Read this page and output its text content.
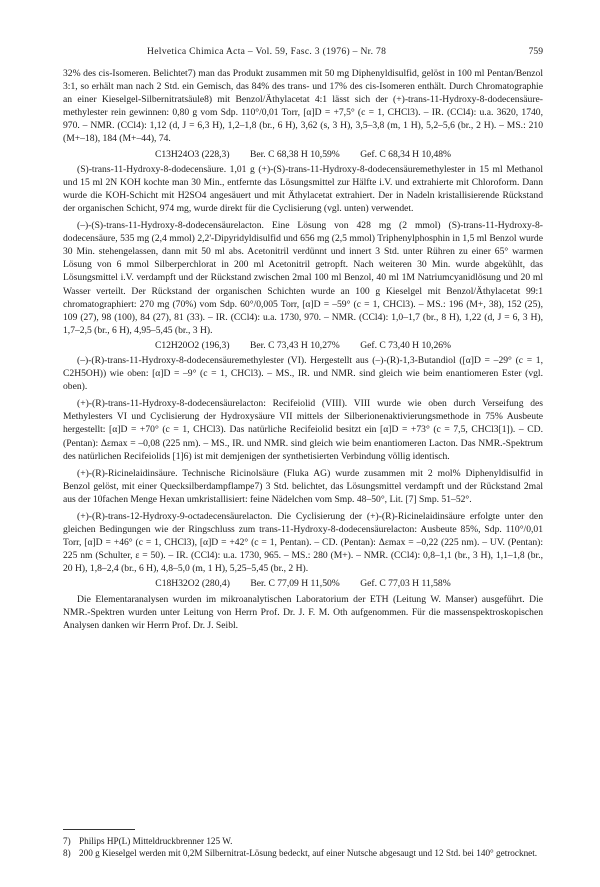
Helvetica Chimica Acta – Vol. 59, Fasc. 3 (1976) – Nr. 78	759

32% des cis-Isomeren. Belichtet7) man das Produkt zusammen mit 50 mg Diphenyldisulfid, gelöst in 100 ml Pentan/Benzol 3:1, so erhält man nach 2 Std. ein Gemisch, das 84% des trans- und 17% des cis-Isomeren enthält. Durch Chromatographie an einer Kieselgel-Silbernitratsäule8) mit Benzol/Äthylacetat 4:1 lässt sich der (+)-trans-11-Hydroxy-8-dodecensäure-methylester rein gewinnen: 0,80 g vom Sdp. 110°/0,01 Torr, [α]D = +7,5° (c = 1, CHCl3). – IR. (CCl4): u.a. 3620, 1740, 970. – NMR. (CCl4): 1,12 (d, J = 6,3 H), 1,2–1,8 (br., 6 H), 3,62 (s, 3 H), 3,5–3,8 (m, 1 H), 5,2–5,6 (br., 2 H). – MS.: 210 (M+–18), 184 (M+–44), 74.

C13H24O3 (228,3) Ber. C 68,38 H 10,59% Gef. C 68,34 H 10,48%

(S)-trans-11-Hydroxy-8-dodecensäure. 1,01 g (+)-(S)-trans-11-Hydroxy-8-dodecensäuremethylester in 15 ml Methanol und 15 ml 2N KOH kochte man 30 Min., entfernte das Lösungsmittel zur Hälfte i.V. und extrahierte mit Chloroform. Dann wurde die KOH-Schicht mit H2SO4 angesäuert und mit Äthylacetat extrahiert. Der in Nadeln kristallisierende Rückstand der organischen Schicht, 974 mg, wurde direkt für die Cyclisierung (vgl. unten) verwendet.

(–)-(S)-trans-11-Hydroxy-8-dodecensäurelacton. Eine Lösung von 428 mg (2 mmol) (S)-trans-11-Hydroxy-8-dodecensäure, 535 mg (2,4 mmol) 2,2'-Dipyridyldisulfid und 656 mg (2,5 mmol) Triphenylphosphin in 1,5 ml Benzol wurde 30 Min. stehengelassen, dann mit 50 ml abs. Acetonitril verdünnt und innert 3 Std. unter Rühren zu einer 65° warmen Lösung von 6 mmol Silberperchlorat in 200 ml Acetonitril getropft. Nach weiteren 30 Min. wurde abgekühlt, das Lösungsmittel i.V. verdampft und der Rückstand zwischen 2mal 100 ml Benzol, 40 ml 1M Natriumcyanidlösung und 20 ml Wasser verteilt. Der Rückstand der organischen Schichten wurde an 100 g Kieselgel mit Benzol/Äthylacetat 99:1 chromatographiert: 270 mg (70%) vom Sdp. 60°/0,005 Torr, [α]D = –59° (c = 1, CHCl3). – MS.: 196 (M+, 38), 152 (25), 109 (27), 98 (100), 84 (27), 81 (33). – IR. (CCl4): u.a. 1730, 970. – NMR. (CCl4): 1,0–1,7 (br., 8 H), 1,22 (d, J = 6, 3 H), 1,7–2,5 (br., 6 H), 4,95–5,45 (br., 3 H).

C12H20O2 (196,3) Ber. C 73,43 H 10,27% Gef. C 73,40 H 10,26%

(–)-(R)-trans-11-Hydroxy-8-dodecensäuremethylester (VI). Hergestellt aus (–)-(R)-1,3-Butandiol ([α]D = –29° (c = 1, C2H5OH)) wie oben: [α]D = –9° (c = 1, CHCl3). – MS., IR. und NMR. sind gleich wie beim enantiomeren Ester (vgl. oben).

(+)-(R)-trans-11-Hydroxy-8-dodecensäurelacton: Recifeiolid (VIII). VIII wurde wie oben durch Verseifung des Methylesters VI und Cyclisierung der Hydroxysäure VII mittels der Silberionenaktivierungsmethode in 75% Ausbeute hergestellt: [α]D = +70° (c = 1, CHCl3). Das natürliche Recifeiolid besitzt ein [α]D = +73° (c = 7,5, CHCl3[1]). – CD. (Pentan): Δεmax = –0,08 (225 nm). – MS., IR. und NMR. sind gleich wie beim enantiomeren Lacton. Das NMR.-Spektrum des natürlichen Recifeiolids [1]6) ist mit demjenigen der synthetisierten Verbindung völlig identisch.

(+)-(R)-Ricinelaidinsäure. Technische Ricinolsäure (Fluka AG) wurde zusammen mit 2 mol% Diphenyldisulfid in Benzol gelöst, mit einer Quecksilberdampflampe7) 3 Std. belichtet, das Lösungsmittel verdampft und der Rückstand 2mal aus der 10fachen Menge Hexan umkristallisiert: feine Nädelchen vom Smp. 48–50°, Lit. [7] Smp. 51–52°.

(+)-(R)-trans-12-Hydroxy-9-octadecensäurelacton. Die Cyclisierung der (+)-(R)-Ricinelaidinsäure erfolgte unter den gleichen Bedingungen wie der Ringschluss zum trans-11-Hydroxy-8-dodecensäurelacton: Ausbeute 85%, Sdp. 110°/0,01 Torr, [α]D = +46° (c = 1, CHCl3), [α]D = +42° (c = 1, Pentan). – CD. (Pentan): Δεmax = –0,22 (225 nm). – UV. (Pentan): 225 nm (Schulter, ε = 50). – IR. (CCl4): u.a. 1730, 965. – MS.: 280 (M+). – NMR. (CCl4): 0,8–1,1 (br., 3 H), 1,1–1,8 (br., 20 H), 1,8–2,4 (br., 6 H), 4,8–5,0 (m, 1 H), 5,25–5,45 (br., 2 H).

C18H32O2 (280,4) Ber. C 77,09 H 11,50% Gef. C 77,03 H 11,58%

Die Elementaranalysen wurden im mikroanalytischen Laboratorium der ETH (Leitung W. Manser) ausgeführt. Die NMR.-Spektren wurden unter Leitung von Herrn Prof. Dr. J. F. M. Oth aufgenommen. Für die massenspektroskopischen Analysen danken wir Herrn Prof. Dr. J. Seibl.

7) Philips HP(L) Mitteldruckbrenner 125 W.
8) 200 g Kieselgel werden mit 0,2M Silbernitrat-Lösung bedeckt, auf einer Nutsche abgesaugt und 12 Std. bei 140° getrocknet.
